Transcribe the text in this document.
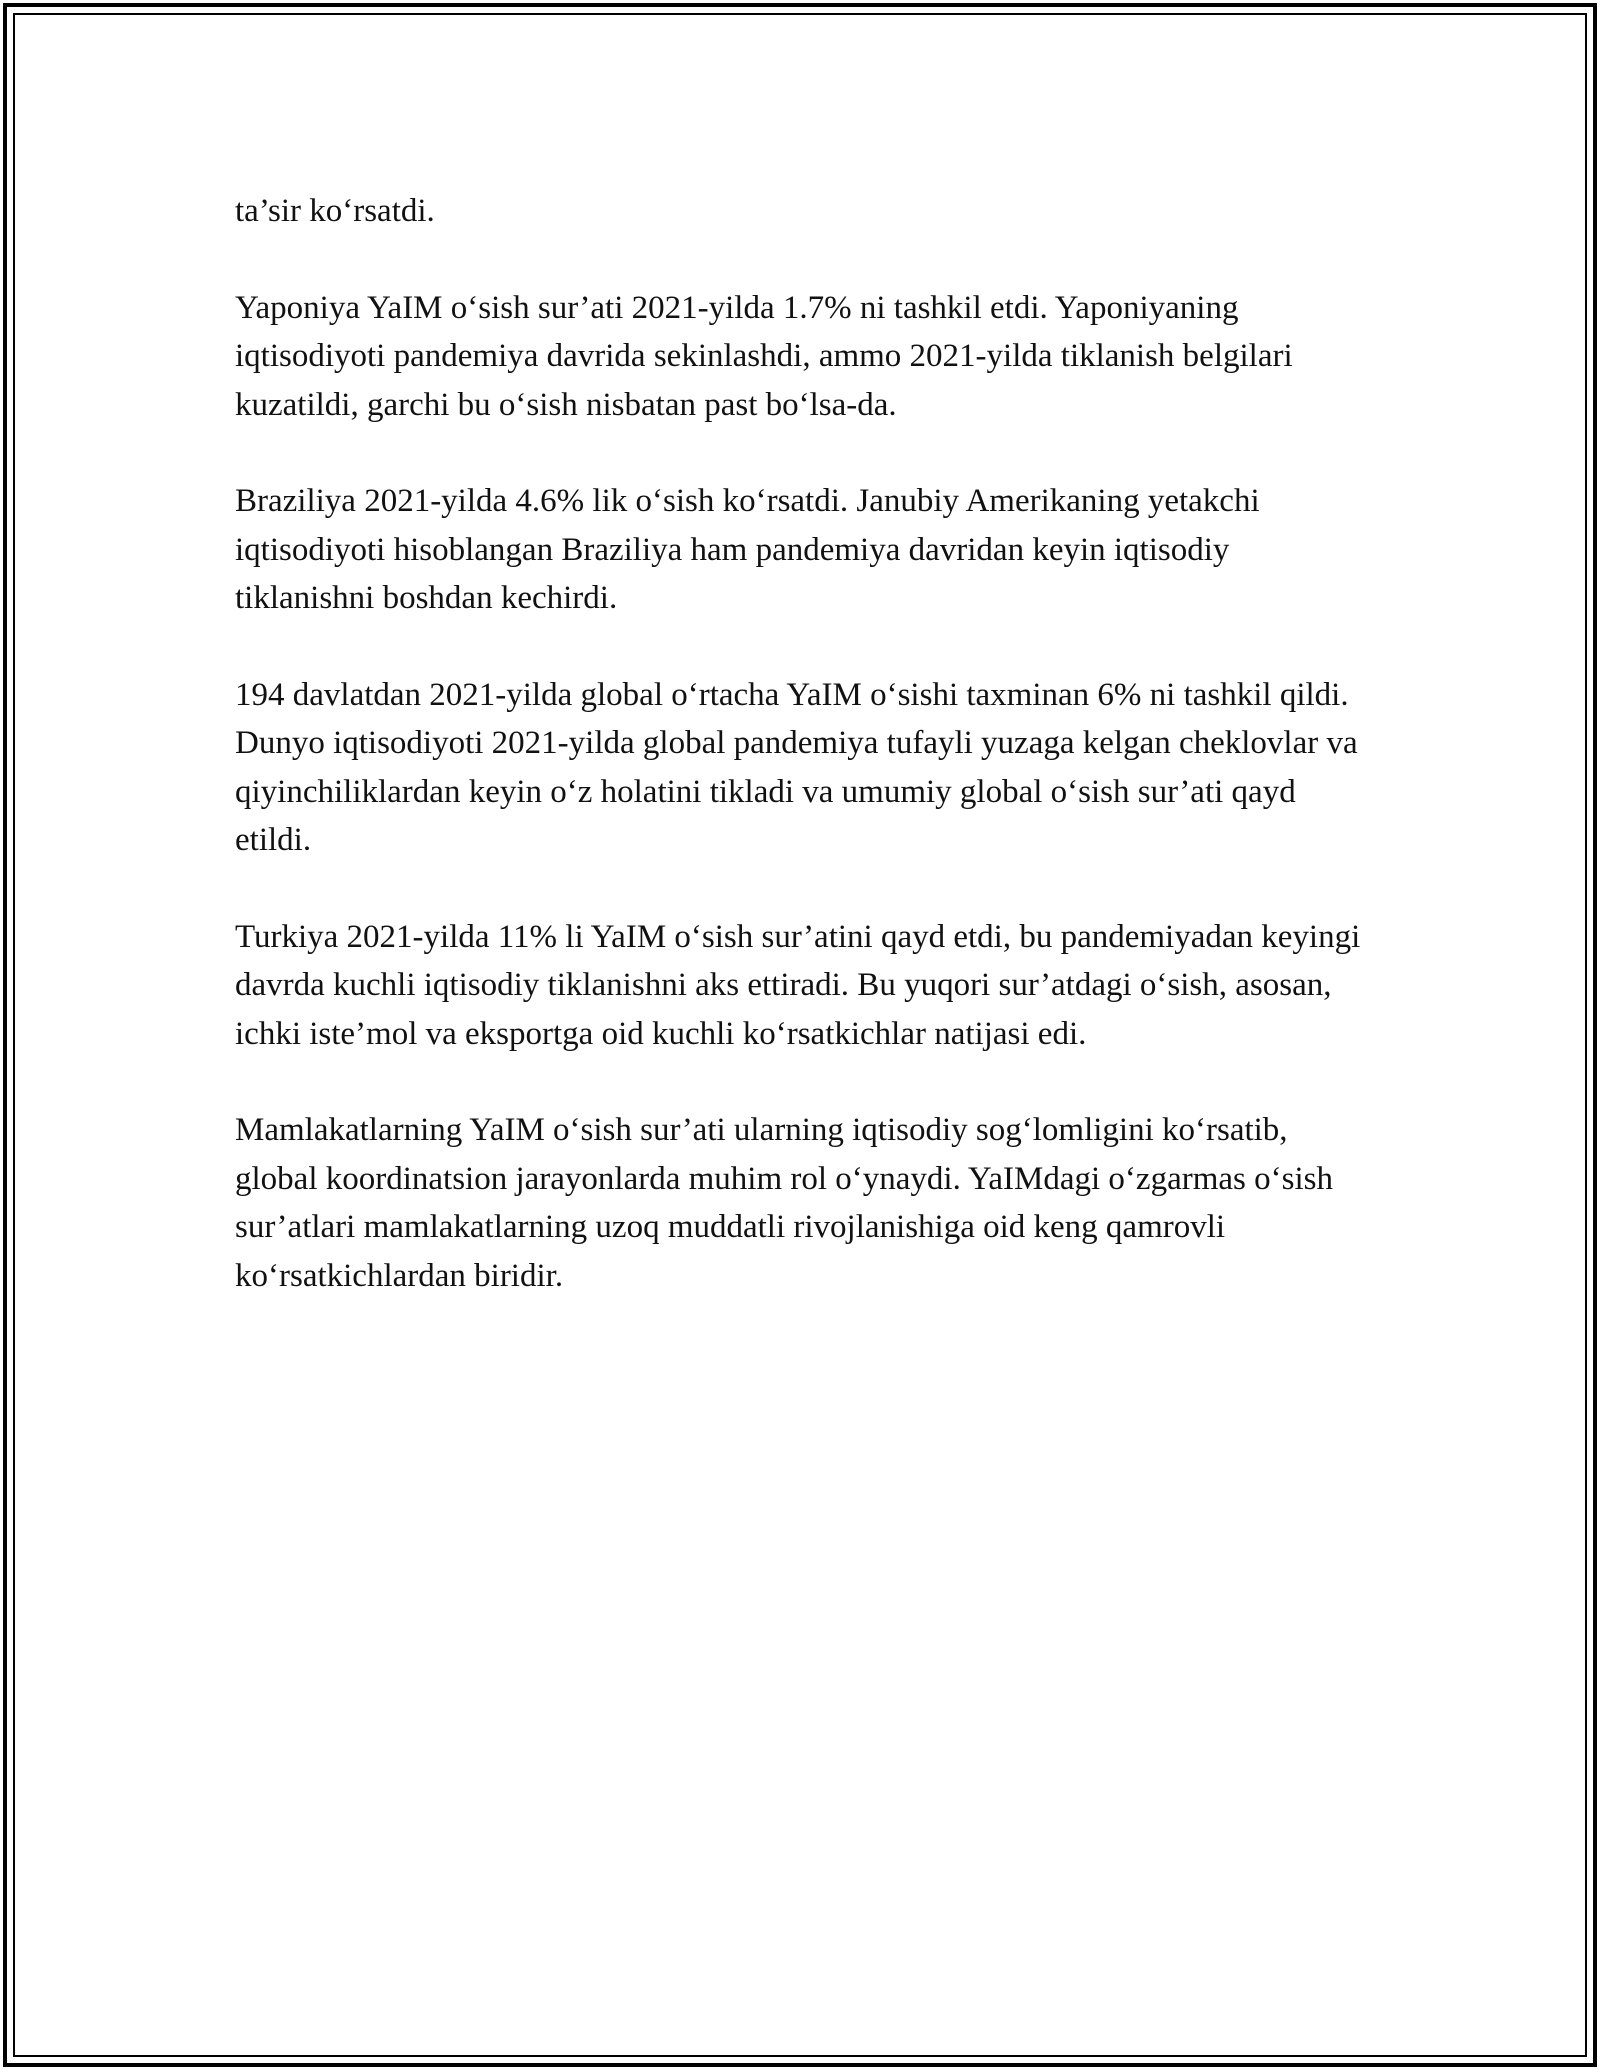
ta’sir ko‘rsatdi.

Yaponiya YaIM o‘sish sur’ati 2021-yilda 1.7% ni tashkil etdi. Yaponiyaning iqtisodiyoti pandemiya davrida sekinlashdi, ammo 2021-yilda tiklanish belgilari kuzatildi, garchi bu o‘sish nisbatan past bo‘lsa-da.

Braziliya 2021-yilda 4.6% lik o‘sish ko‘rsatdi. Janubiy Amerikaning yetakchi iqtisodiyoti hisoblangan Braziliya ham pandemiya davridan keyin iqtisodiy tiklanishni boshdan kechirdi.

194 davlatdan 2021-yilda global o‘rtacha YaIM o‘sishi taxminan 6% ni tashkil qildi. Dunyo iqtisodiyoti 2021-yilda global pandemiya tufayli yuzaga kelgan cheklovlar va qiyinchiliklardan keyin o‘z holatini tikladi va umumiy global o‘sish sur’ati qayd etildi.

Turkiya 2021-yilda 11% li YaIM o‘sish sur’atini qayd etdi, bu pandemiyadan keyingi davrda kuchli iqtisodiy tiklanishni aks ettiradi. Bu yuqori sur’atdagi o‘sish, asosan, ichki iste’mol va eksportga oid kuchli ko‘rsatkichlar natijasi edi.

Mamlakatlarning YaIM o‘sish sur’ati ularning iqtisodiy sog‘lomligini ko‘rsatib, global koordinatsion jarayonlarda muhim rol o‘ynaydi. YaIMdagi o‘zgarmas o‘sish sur’atlari mamlakatlarning uzoq muddatli rivojlanishiga oid keng qamrovli ko‘rsatkichlardan biridir.
